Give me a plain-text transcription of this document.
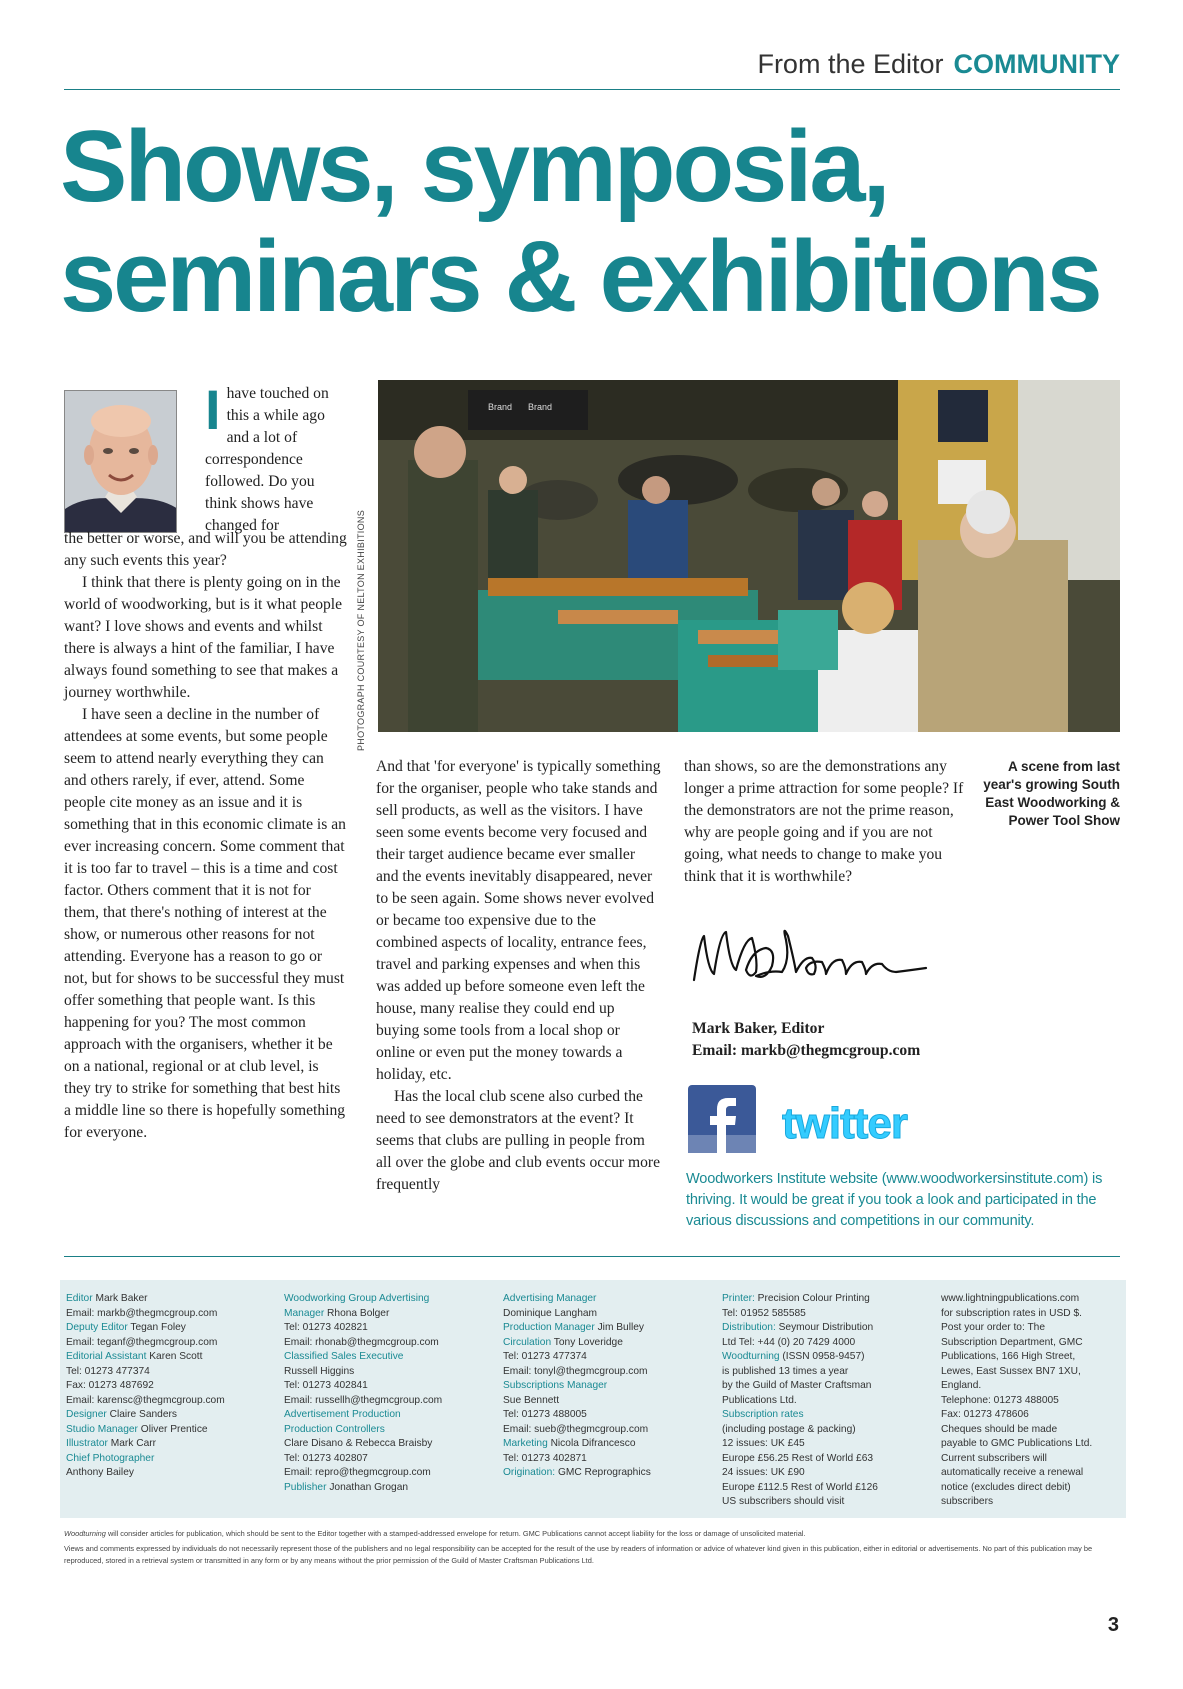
From the Editor COMMUNITY
Shows, symposia,
seminars & exhibitions
I have touched on this a while ago and a lot of correspondence followed. Do you think shows have changed for

the better or worse, and will you be attending any such events this year?

I think that there is plenty going on in the world of woodworking, but is it what people want? I love shows and events and whilst there is always a hint of the familiar, I have always found something to see that makes a journey worthwhile.

I have seen a decline in the number of attendees at some events, but some people seem to attend nearly everything they can and others rarely, if ever, attend. Some people cite money as an issue and it is something that in this economic climate is an ever increasing concern. Some comment that it is too far to travel – this is a time and cost factor. Others comment that it is not for them, that there's nothing of interest at the show, or numerous other reasons for not attending. Everyone has a reason to go or not, but for shows to be successful they must offer something that people want. Is this happening for you? The most common approach with the organisers, whether it be on a national, regional or at club level, is they try to strike for something that best hits a middle line so there is hopefully something for everyone.

PHOTOGRAPH COURTESY OF NELTON EXHIBITIONS
Brand Brand

And that 'for everyone' is typically something for the organiser, people who take stands and sell products, as well as the visitors. I have seen some events become very focused and their target audience became ever smaller and the events inevitably disappeared, never to be seen again. Some shows never evolved or became too expensive due to the combined aspects of locality, entrance fees, travel and parking expenses and when this was added up before someone even left the house, many realise they could end up buying some tools from a local shop or online or even put the money towards a holiday, etc.

Has the local club scene also curbed the need to see demonstrators at the event? It seems that clubs are pulling in people from all over the globe and club events occur more frequently

than shows, so are the demonstrations any longer a prime attraction for some people? If the demonstrators are not the prime reason, why are people going and if you are not going, what needs to change to make you think that it is worthwhile?

A scene from last year's growing South East Woodworking & Power Tool Show
Mark Baker, Editor
Email: markb@thegmcgroup.com
twitter
Woodworkers Institute website (www.woodworkersinstitute.com) is thriving. It would be great if you took a look and participated in the various discussions and competitions in our community.
Editor Mark Baker
Email: markb@thegmcgroup.com
Deputy Editor Tegan Foley
Email: teganf@thegmcgroup.com
Editorial Assistant Karen Scott
Tel: 01273 477374
Fax: 01273 487692
Email: karensc@thegmcgroup.com
Designer Claire Sanders
Studio Manager Oliver Prentice
Illustrator Mark Carr
Chief Photographer
Anthony Bailey
Woodworking Group Advertising
Manager Rhona Bolger
Tel: 01273 402821
Email: rhonab@thegmcgroup.com
Classified Sales Executive
Russell Higgins
Tel: 01273 402841
Email: russellh@thegmcgroup.com
Advertisement Production
Production Controllers
Clare Disano & Rebecca Braisby
Tel: 01273 402807
Email: repro@thegmcgroup.com
Publisher Jonathan Grogan
Advertising Manager
Dominique Langham
Production Manager Jim Bulley
Circulation Tony Loveridge
Tel: 01273 477374
Email: tonyl@thegmcgroup.com
Subscriptions Manager
Sue Bennett
Tel: 01273 488005
Email: sueb@thegmcgroup.com
Marketing Nicola Difrancesco
Tel: 01273 402871
Origination: GMC Reprographics
Printer: Precision Colour Printing
Tel: 01952 585585
Distribution: Seymour Distribution
Ltd Tel: +44 (0) 20 7429 4000
Woodturning (ISSN 0958-9457)
is published 13 times a year
by the Guild of Master Craftsman
Publications Ltd.
Subscription rates
(including postage & packing)
12 issues: UK £45
Europe £56.25 Rest of World £63
24 issues: UK £90
Europe £112.5 Rest of World £126
US subscribers should visit
www.lightningpublications.com
for subscription rates in USD $.
Post your order to: The
Subscription Department, GMC
Publications, 166 High Street,
Lewes, East Sussex BN7 1XU,
England.
Telephone: 01273 488005
Fax: 01273 478606
Cheques should be made
payable to GMC Publications Ltd.
Current subscribers will
automatically receive a renewal
notice (excludes direct debit)
subscribers

Woodturning will consider articles for publication, which should be sent to the Editor together with a stamped-addressed envelope for return. GMC Publications cannot accept liability for the loss or damage of unsolicited material.

Views and comments expressed by individuals do not necessarily represent those of the publishers and no legal responsibility can be accepted for the result of the use by readers of information or advice of whatever kind given in this publication, either in editorial or advertisements. No part of this publication may be reproduced, stored in a retrieval system or transmitted in any form or by any means without the prior permission of the Guild of Master Craftsman Publications Ltd.

3
